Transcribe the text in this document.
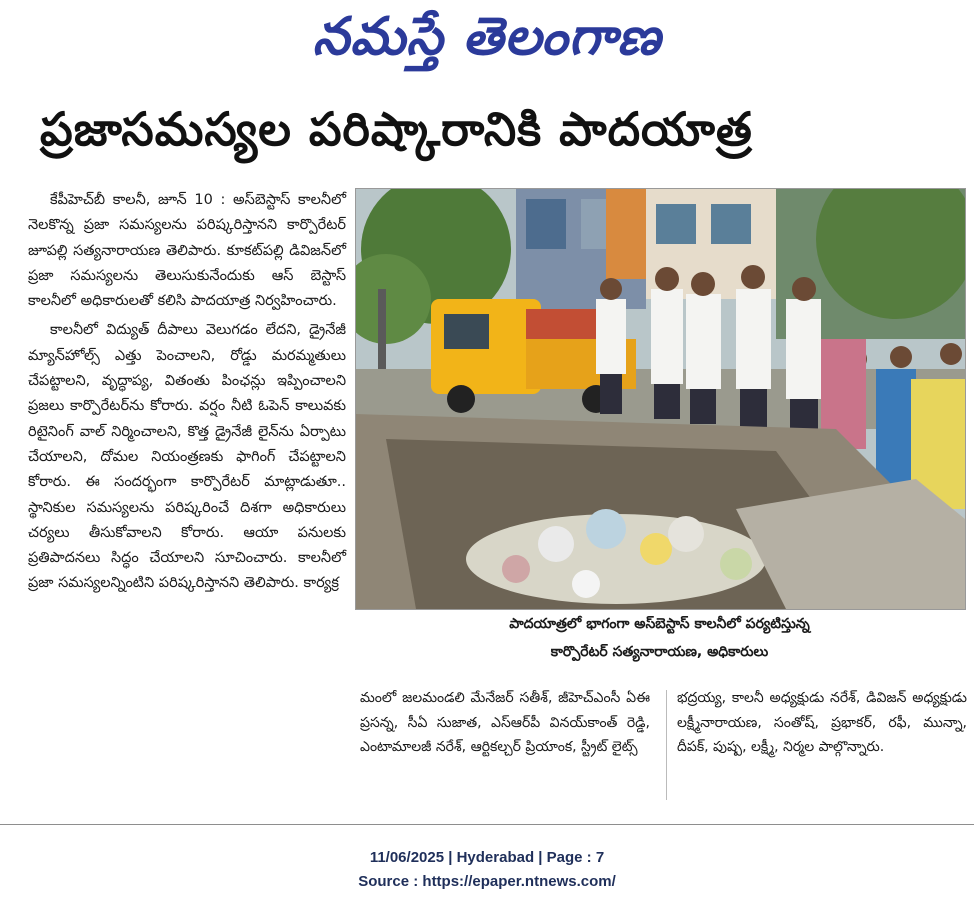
నమస్తే తెలంగాణ
ప్రజాసమస్యల పరిష్కారానికి పాదయాత్ర

కేపీహెచ్‌బీ కాలనీ, జూన్ 10 : అస్‌బెస్టాస్ కాలనీలో నెలకొన్న ప్రజా సమస్యలను పరిష్కరిస్తానని కార్పొరేటర్ జూపల్లి సత్యనారాయణ తెలిపారు. కూకట్‌పల్లి డివిజన్‌లో ప్రజా సమస్యలను తెలుసుకునేందుకు ఆస్ బెస్టాస్ కాలనీలో అధికారులతో కలిసి పాదయాత్ర నిర్వహించారు.

కాలనీలో విద్యుత్ దీపాలు వెలుగడం లేదని, డ్రైనేజీ మ్యాన్‌హోల్స్ ఎత్తు పెంచాలని, రోడ్డు మరమ్మతులు చేపట్టాలని, వృద్ధాప్య, వితంతు పింఛన్లు ఇప్పించాలని ప్రజలు కార్పొరేటర్‌ను కోరారు. వర్షం నీటి ఓపెన్ కాలువకు రిటైనింగ్ వాల్ నిర్మించాలని, కొత్త డ్రైనేజీ లైన్‌ను ఏర్పాటు చేయాలని, దోమల నియంత్రణకు ఫాగింగ్ చేపట్టాలని కోరారు. ఈ సందర్భంగా కార్పొరేటర్ మాట్లాడుతూ.. స్థానికుల సమస్యలను పరిష్కరించే దిశగా అధికారులు చర్యలు తీసుకోవాలని కోరారు. ఆయా పనులకు ప్రతిపాదనలు సిద్ధం చేయాలని సూచించారు. కాలనీలో ప్రజా సమస్యలన్నింటిని పరిష్కరిస్తానని తెలిపారు. కార్యక్ర

పాదయాత్రలో భాగంగా అస్‌బెస్టాస్ కాలనీలో పర్యటిస్తున్న
కార్పొరేటర్ సత్యనారాయణ, అధికారులు

మంలో జలమండలి మేనేజర్ సతీశ్, జీహెచ్‌ఎంసీ ఏఈ ప్రసన్న, సీఏ సుజాత, ఎస్‌ఆర్‌పీ వినయ్‌కాంత్ రెడ్డి, ఎంటామాలజీ నరేశ్, ఆర్టికల్చర్ ప్రియాంక, స్ట్రీట్ లైట్స్

భద్రయ్య, కాలనీ అధ్యక్షుడు నరేశ్, డివిజన్ అధ్యక్షుడు లక్ష్మీనారాయణ, సంతోష్, ప్రభాకర్, రఫీ, మున్నా, దీపక్, పుష్ప, లక్ష్మీ, నిర్మల పాల్గొన్నారు.

11/06/2025 | Hyderabad | Page : 7
Source : https://epaper.ntnews.com/
